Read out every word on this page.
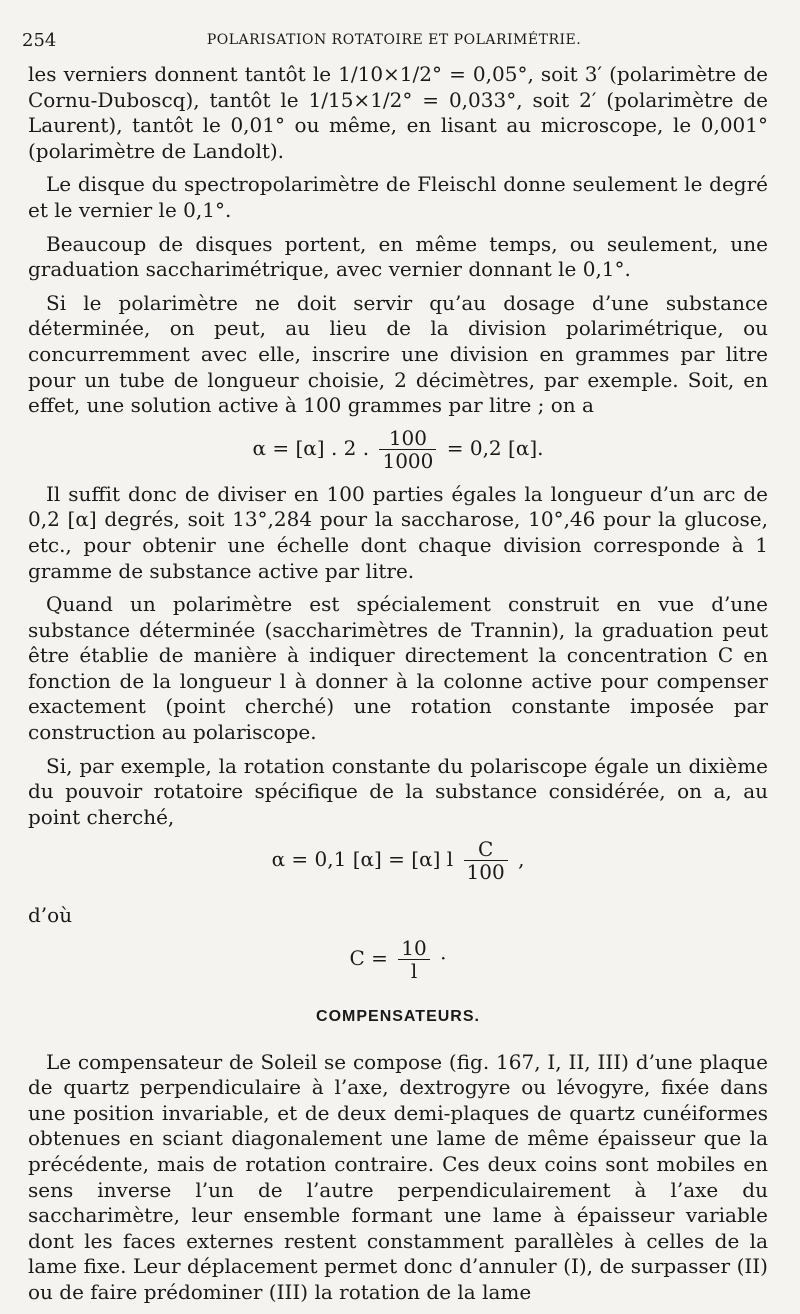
254	POLARISATION ROTATOIRE ET POLARIMÉTRIE.

les verniers donnent tantôt le 1/10×1/2° = 0,05°, soit 3′ (polarimètre de Cornu-Duboscq), tantôt le 1/15×1/2° = 0,033°, soit 2′ (polarimètre de Laurent), tantôt le 0,01° ou même, en lisant au microscope, le 0,001° (polarimètre de Landolt).

Le disque du spectropolarimètre de Fleischl donne seulement le degré et le vernier le 0,1°.

Beaucoup de disques portent, en même temps, ou seulement, une graduation saccharimétrique, avec vernier donnant le 0,1°.

Si le polarimètre ne doit servir qu’au dosage d’une substance déterminée, on peut, au lieu de la division polarimétrique, ou concurremment avec elle, inscrire une division en grammes par litre pour un tube de longueur choisie, 2 décimètres, par exemple. Soit, en effet, une solution active à 100 grammes par litre ; on a

α = [α] . 2 . $\frac{100}{1000} = 0,2$ [α].

Il suffit donc de diviser en 100 parties égales la longueur d’un arc de 0,2 [α] degrés, soit 13°,284 pour la saccharose, 10°,46 pour la glucose, etc., pour obtenir une échelle dont chaque division corresponde à 1 gramme de substance active par litre.

Quand un polarimètre est spécialement construit en vue d’une substance déterminée (saccharimètres de Trannin), la graduation peut être établie de manière à indiquer directement la concentration C en fonction de la longueur l à donner à la colonne active pour compenser exactement (point cherché) une rotation constante imposée par construction au polariscope.

Si, par exemple, la rotation constante du polariscope égale un dixième du pouvoir rotatoire spécifique de la substance considérée, on a, au point cherché,

α = 0,1 [α] = [α] l $\frac{C}{100}$ ,

d’où

$C = \frac{10}{l}$ ·
COMPENSATEURS.

Le compensateur de Soleil se compose (fig. 167, I, II, III) d’une plaque de quartz perpendiculaire à l’axe, dextrogyre ou lévogyre, fixée dans une position invariable, et de deux demi-plaques de quartz cunéiformes obtenues en sciant diagonalement une lame de même épaisseur que la précédente, mais de rotation contraire. Ces deux coins sont mobiles en sens inverse l’un de l’autre perpendiculairement à l’axe du saccharimètre, leur ensemble formant une lame à épaisseur variable dont les faces externes restent constamment parallèles à celles de la lame fixe. Leur déplacement permet donc d’annuler (I), de surpasser (II) ou de faire prédominer (III) la rotation de la lame
